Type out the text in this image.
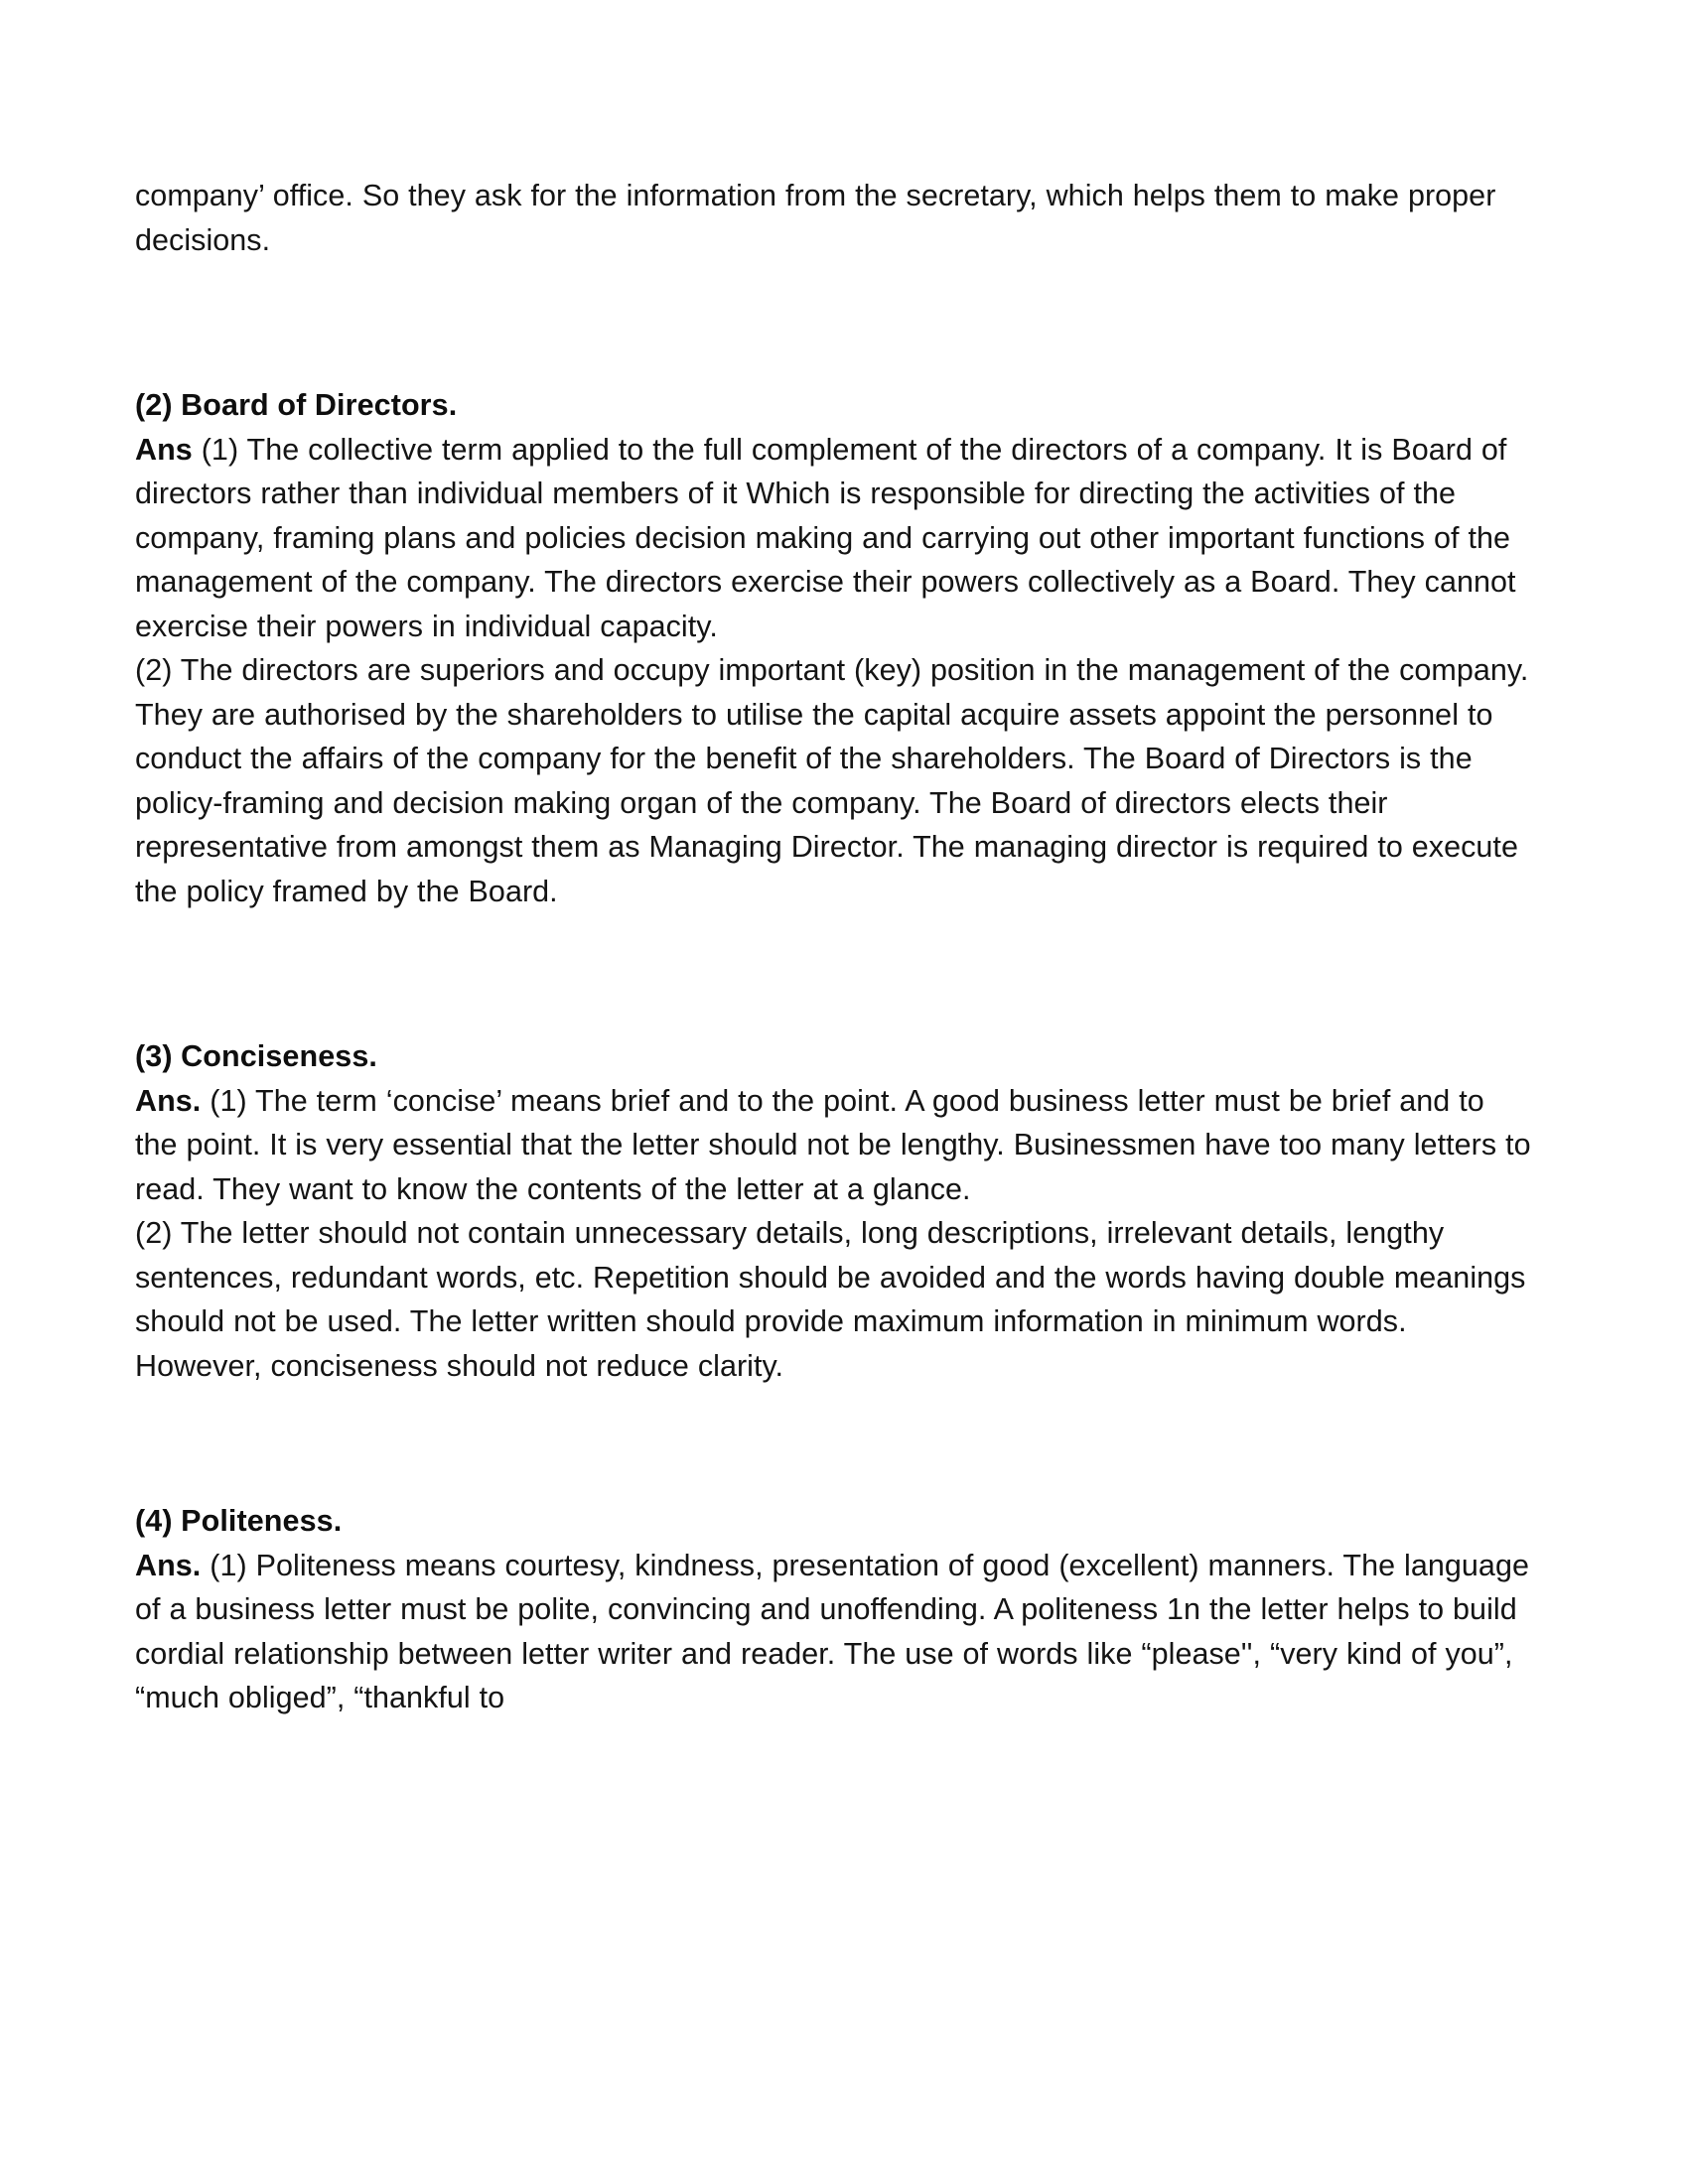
company’ office. So they ask for the information from the secretary, which helps them to make proper decisions.

(2) Board of Directors.

Ans (1) The collective term applied to the full complement of the directors of a company. It is Board of directors rather than individual members of it Which is responsible for directing the activities of the company, framing plans and policies decision making and carrying out other important functions of the management of the company. The directors exercise their powers collectively as a Board. They cannot exercise their powers in individual capacity.

(2) The directors are superiors and occupy important (key) position in the management of the company. They are authorised by the shareholders to utilise the capital acquire assets appoint the personnel to conduct the affairs of the company for the benefit of the shareholders. The Board of Directors is the policy-framing and decision making organ of the company. The Board of directors elects their representative from amongst them as Managing Director. The managing director is required to execute the policy framed by the Board.

(3) Conciseness.

Ans. (1) The term ‘concise’ means brief and to the point. A good business letter must be brief and to the point. It is very essential that the letter should not be lengthy. Businessmen have too many letters to read. They want to know the contents of the letter at a glance.

(2) The letter should not contain unnecessary details, long descriptions, irrelevant details, lengthy sentences, redundant words, etc. Repetition should be avoided and the words having double meanings should not be used. The letter written should provide maximum information in minimum words. However, conciseness should not reduce clarity.

(4) Politeness.

Ans. (1) Politeness means courtesy, kindness, presentation of good (excellent) manners. The language of a business letter must be polite, convincing and unoffending. A politeness 1n the letter helps to build cordial relationship between letter writer and reader. The use of words like “please'', “very kind of you”, “much obliged”, “thankful to
